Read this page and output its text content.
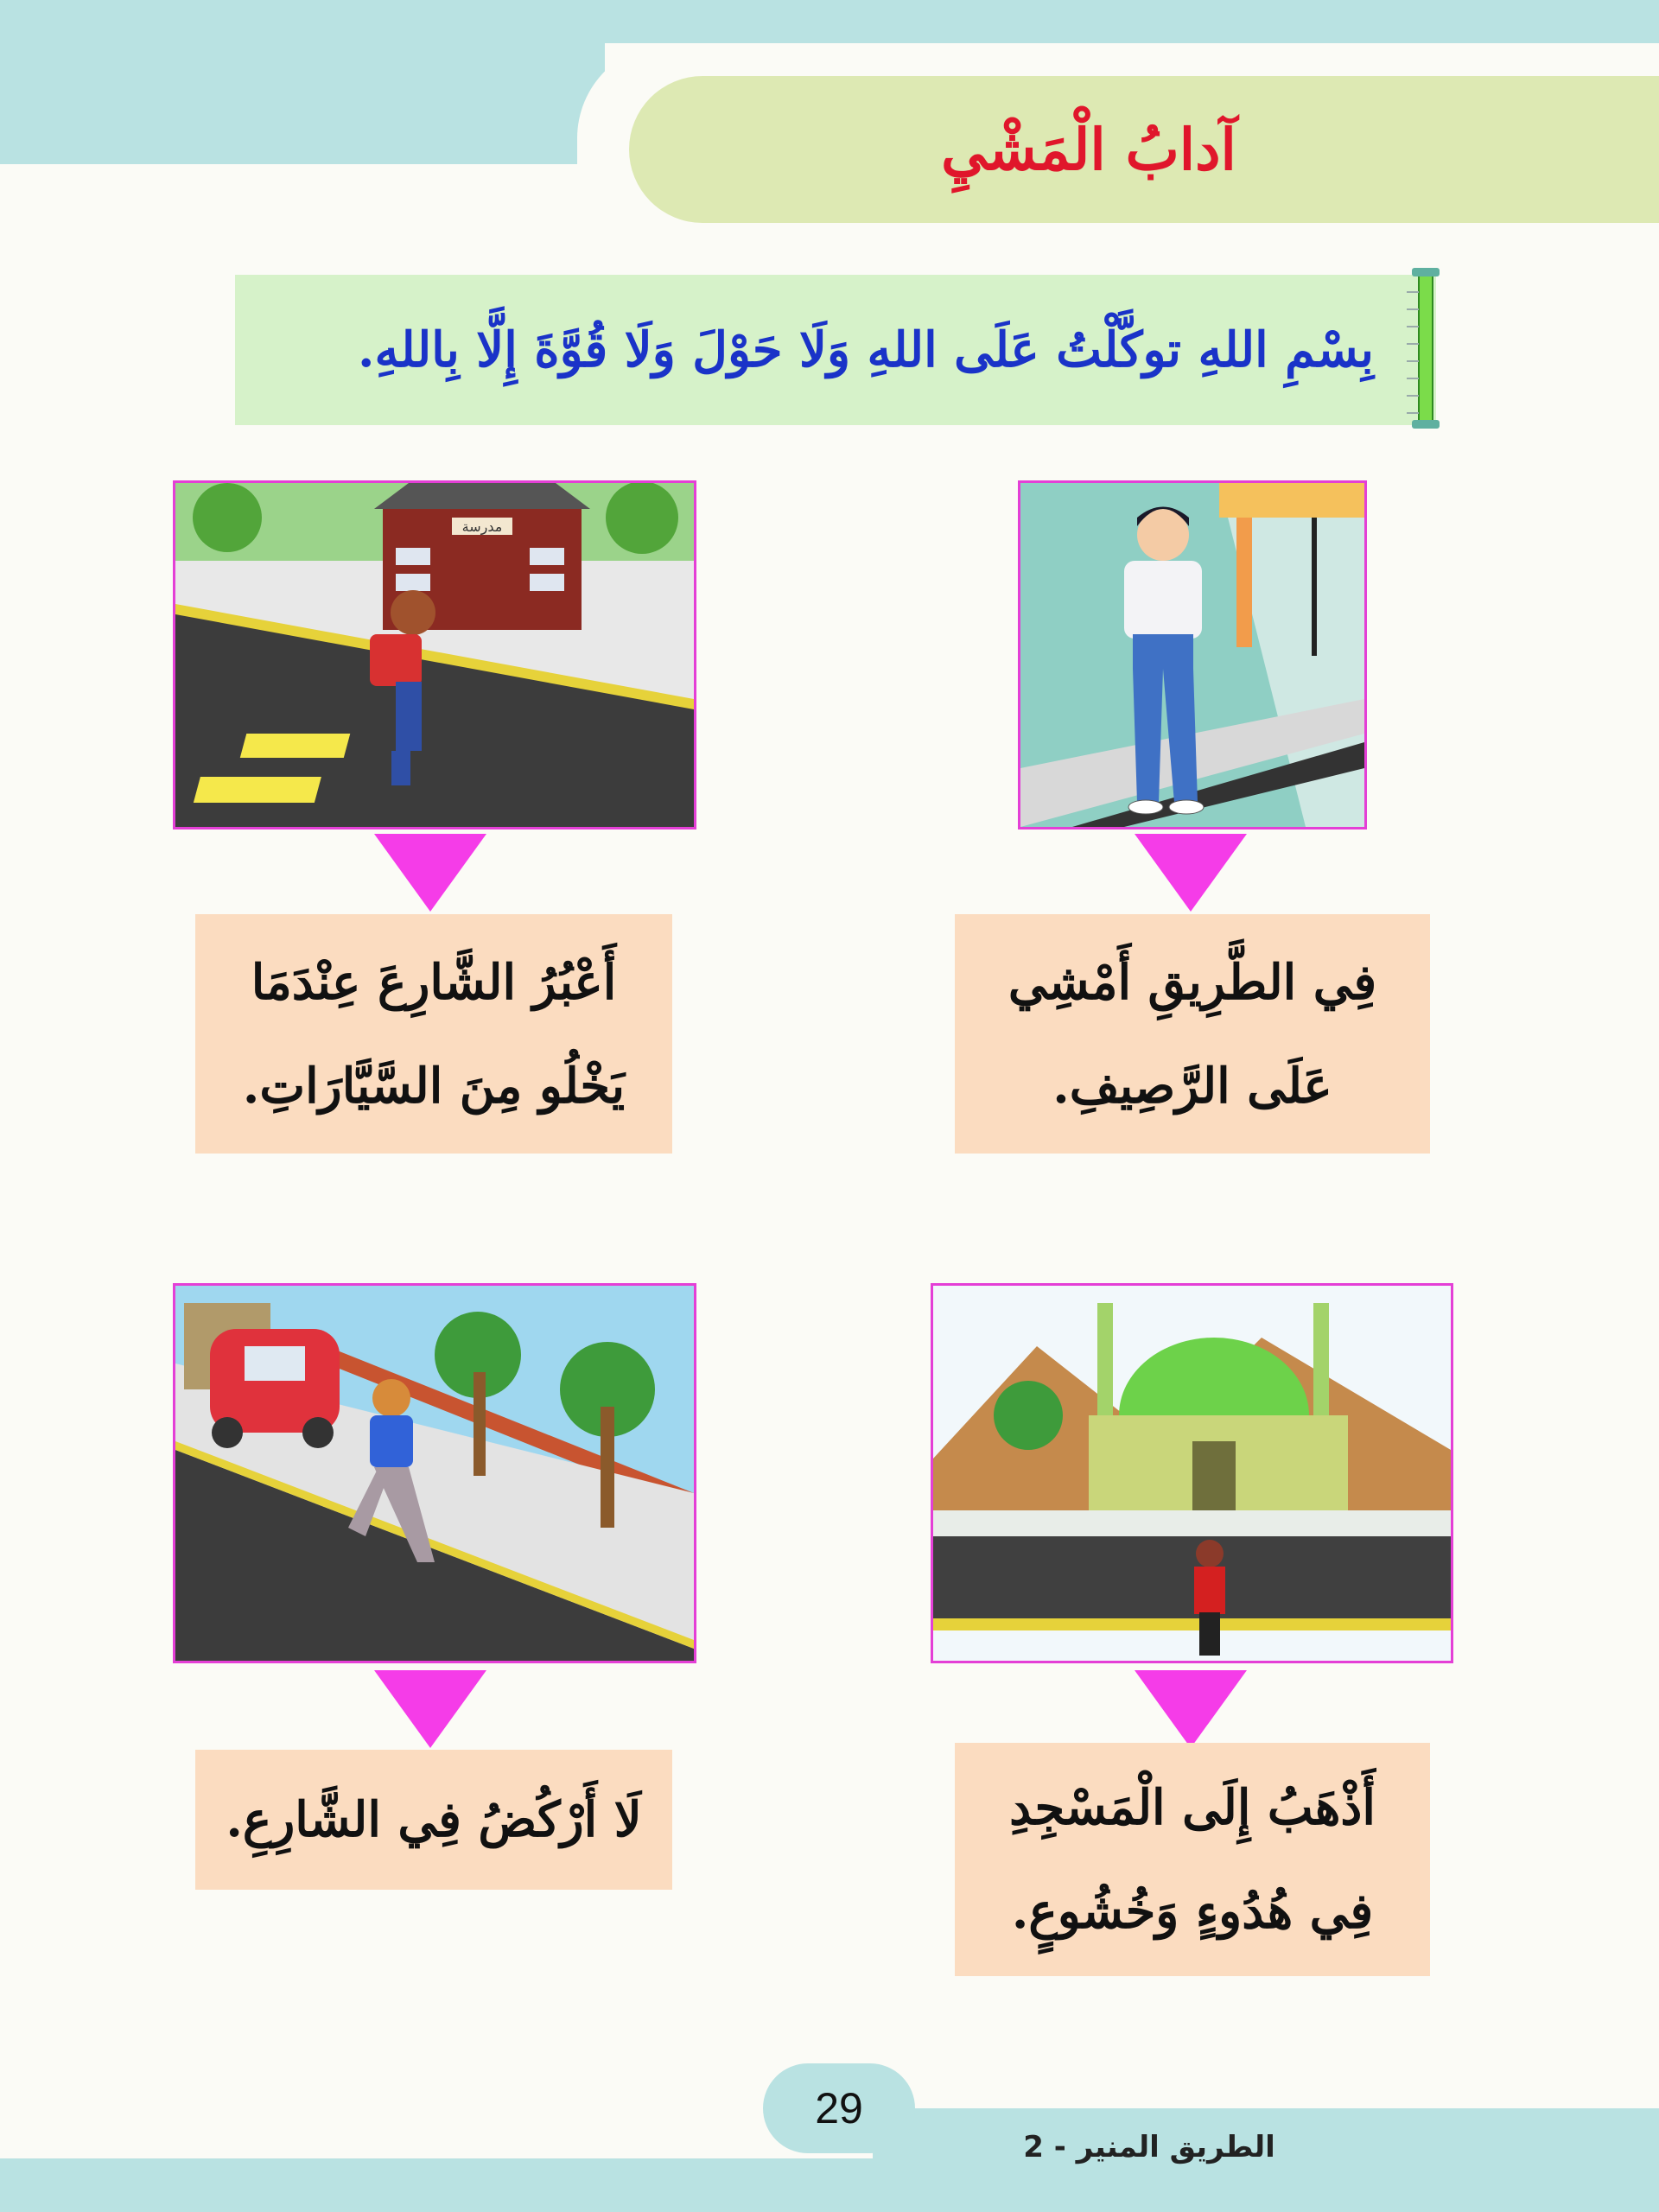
آدابُ الْمَشْيِ
بِسْمِ اللهِ توكَّلْتُ عَلَى اللهِ وَلَا حَوْلَ وَلَا قُوَّةَ إِلَّا بِاللهِ.
فِي الطَّرِيقِ أَمْشِي عَلَى الرَّصِيفِ.
مدرسة
أَعْبُرُ الشَّارِعَ عِنْدَمَا يَخْلُو مِنَ السَّيَّارَاتِ.
أَذْهَبُ إِلَى الْمَسْجِدِ فِي هُدُوءٍ وَخُشُوعٍ.
لَا أَرْكُضُ فِي الشَّارِعِ.
29
الطريق المنير - 2
